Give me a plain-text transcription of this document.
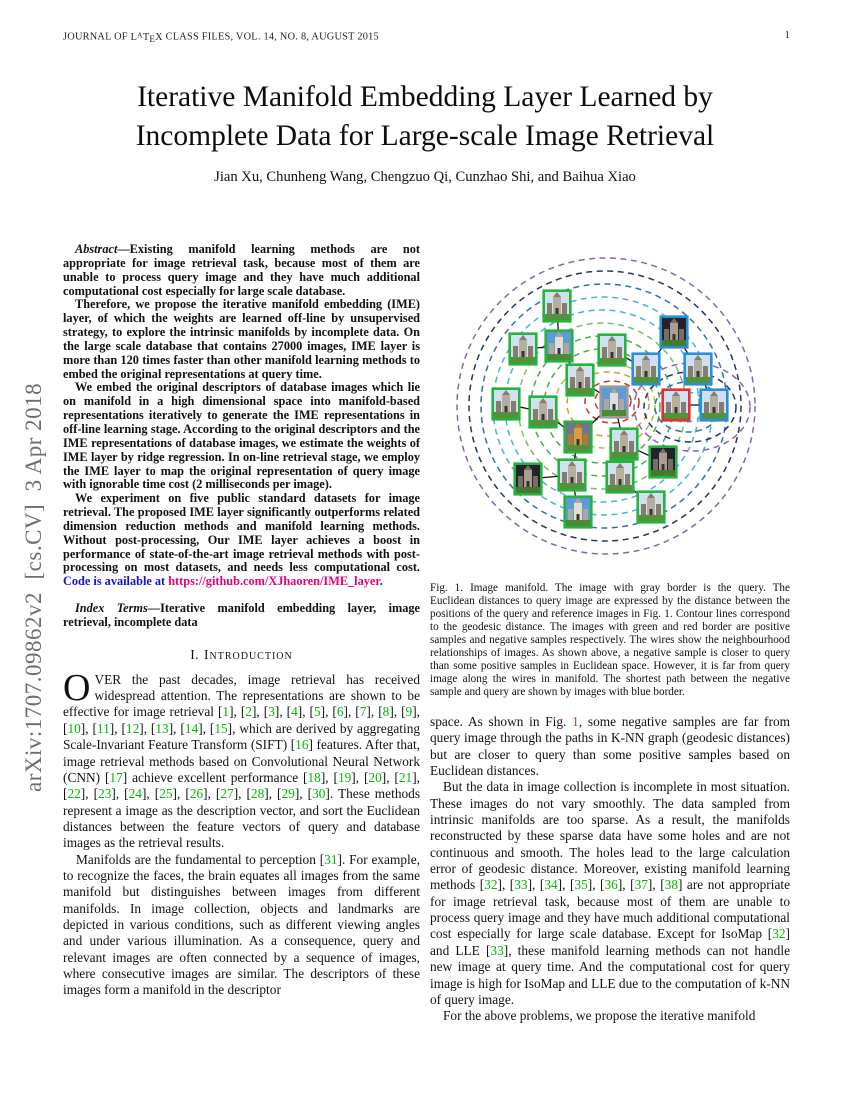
JOURNAL OF $L^ATEX$ CLASS FILES, VOL. 14, NO. 8, AUGUST 2015	1
arXiv:1707.09862v2  [cs.CV]  3 Apr 2018
Iterative Manifold Embedding Layer Learned by
Incomplete Data for Large-scale Image Retrieval
Jian Xu, Chunheng Wang, Chengzuo Qi, Cunzhao Shi, and Baihua Xiao

Abstract—Existing manifold learning methods are not appropriate for image retrieval task, because most of them are unable to process query image and they have much additional computational cost especially for large scale database.

Therefore, we propose the iterative manifold embedding (IME) layer, of which the weights are learned off-line by unsupervised strategy, to explore the intrinsic manifolds by incomplete data. On the large scale database that contains 27000 images, IME layer is more than 120 times faster than other manifold learning methods to embed the original representations at query time.

We embed the original descriptors of database images which lie on manifold in a high dimensional space into manifold-based representations iteratively to generate the IME representations in off-line learning stage. According to the original descriptors and the IME representations of database images, we estimate the weights of IME layer by ridge regression. In on-line retrieval stage, we employ the IME layer to map the original representation of query image with ignorable time cost (2 milliseconds per image).

We experiment on five public standard datasets for image retrieval. The proposed IME layer significantly outperforms related dimension reduction methods and manifold learning methods. Without post-processing, Our IME layer achieves a boost in performance of state-of-the-art image retrieval methods with post-processing on most datasets, and needs less computational cost. Code is available at https://github.com/XJhaoren/IME_layer.

Index Terms—Iterative manifold embedding layer, image retrieval, incomplete data

I. Introduction

OVER the past decades, image retrieval has received widespread attention. The representations are shown to be effective for image retrieval [1], [2], [3], [4], [5], [6], [7], [8], [9], [10], [11], [12], [13], [14], [15], which are derived by aggregating Scale-Invariant Feature Transform (SIFT) [16] features. After that, image retrieval methods based on Convolutional Neural Network (CNN) [17] achieve excellent performance [18], [19], [20], [21], [22], [23], [24], [25], [26], [27], [28], [29], [30]. These methods represent a image as the description vector, and sort the Euclidean distances between the feature vectors of query and database images as the retrieval results.

Manifolds are the fundamental to perception [31]. For example, to recognize the faces, the brain equates all images from the same manifold but distinguishes between images from different manifolds. In image collection, objects and landmarks are depicted in various conditions, such as different viewing angles and under various illumination. As a consequence, query and relevant images are often connected by a sequence of images, where consecutive images are similar. The descriptors of these images form a manifold in the descriptor

Fig. 1. Image manifold. The image with gray border is the query. The Euclidean distances to query image are expressed by the distance between the positions of the query and reference images in Fig. 1. Contour lines correspond to the geodesic distance. The images with green and red border are positive samples and negative samples respectively. The wires show the neighbourhood relationships of images. As shown above, a negative sample is closer to query than some positive samples in Euclidean space. However, it is far from query image along the wires in manifold. The shortest path between the negative sample and query are shown by images with blue border.

space. As shown in Fig. 1, some negative samples are far from query image through the paths in K-NN graph (geodesic distances) but are closer to query than some positive samples based on Euclidean distances.

But the data in image collection is incomplete in most situation. These images do not vary smoothly. The data sampled from intrinsic manifolds are too sparse. As a result, the manifolds reconstructed by these sparse data have some holes and are not continuous and smooth. The holes lead to the large calculation error of geodesic distance. Moreover, existing manifold learning methods [32], [33], [34], [35], [36], [37], [38] are not appropriate for image retrieval task, because most of them are unable to process query image and they have much additional computational cost especially for large scale database. Except for IsoMap [32] and LLE [33], these manifold learning methods can not handle new image at query time. And the computational cost for query image is high for IsoMap and LLE due to the computation of k-NN of query image.

For the above problems, we propose the iterative manifold
